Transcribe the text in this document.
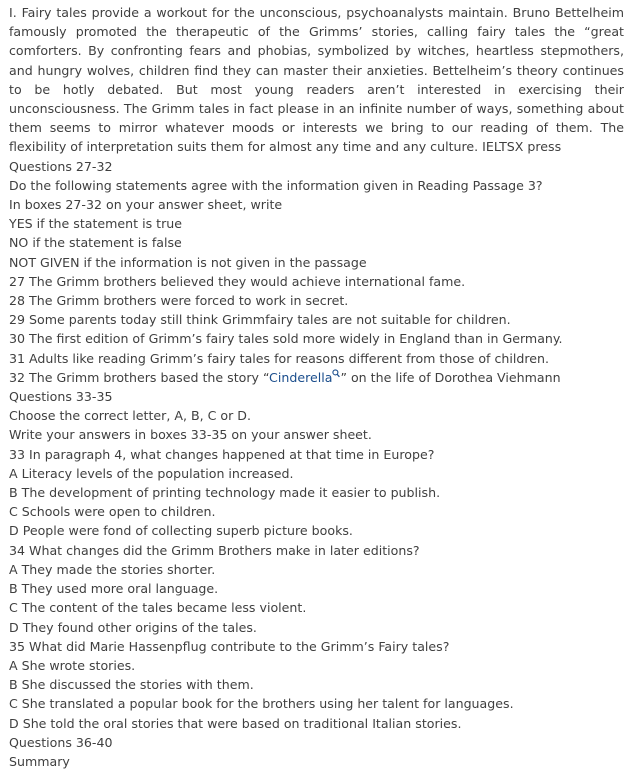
I. Fairy tales provide a workout for the unconscious, psychoanalysts maintain. Bruno Bettelheim famously promoted the therapeutic of the Grimms’ stories, calling fairy tales the “great comforters. By confronting fears and phobias, symbolized by witches, heartless stepmothers, and hungry wolves, children find they can master their anxieties. Bettelheim’s theory continues to be hotly debated. But most young readers aren’t interested in exercising their unconsciousness. The Grimm tales in fact please in an infinite number of ways, something about them seems to mirror whatever moods or interests we bring to our reading of them. The flexibility of interpretation suits them for almost any time and any culture. IELTSX press

Questions 27-32

Do the following statements agree with the information given in Reading Passage 3?

In boxes 27-32 on your answer sheet, write

YES if the statement is true

NO if the statement is false

NOT GIVEN if the information is not given in the passage

27 The Grimm brothers believed they would achieve international fame.

28 The Grimm brothers were forced to work in secret.

29 Some parents today still think Grimmfairy tales are not suitable for children.

30 The first edition of Grimm’s fairy tales sold more widely in England than in Germany.

31 Adults like reading Grimm’s fairy tales for reasons different from those of children.

32 The Grimm brothers based the story “Cinderella ” on the life of Dorothea Viehmann

Questions 33-35

Choose the correct letter, A, B, C or D.

Write your answers in boxes 33-35 on your answer sheet.

33 In paragraph 4, what changes happened at that time in Europe?

A Literacy levels of the population increased.

B The development of printing technology made it easier to publish.

C Schools were open to children.

D People were fond of collecting superb picture books.

34 What changes did the Grimm Brothers make in later editions?

A They made the stories shorter.

B They used more oral language.

C The content of the tales became less violent.

D They found other origins of the tales.

35 What did Marie Hassenpflug contribute to the Grimm’s Fairy tales?

A She wrote stories.

B She discussed the stories with them.

C She translated a popular book for the brothers using her talent for languages.

D She told the oral stories that were based on traditional Italian stories.

Questions 36-40

Summary
